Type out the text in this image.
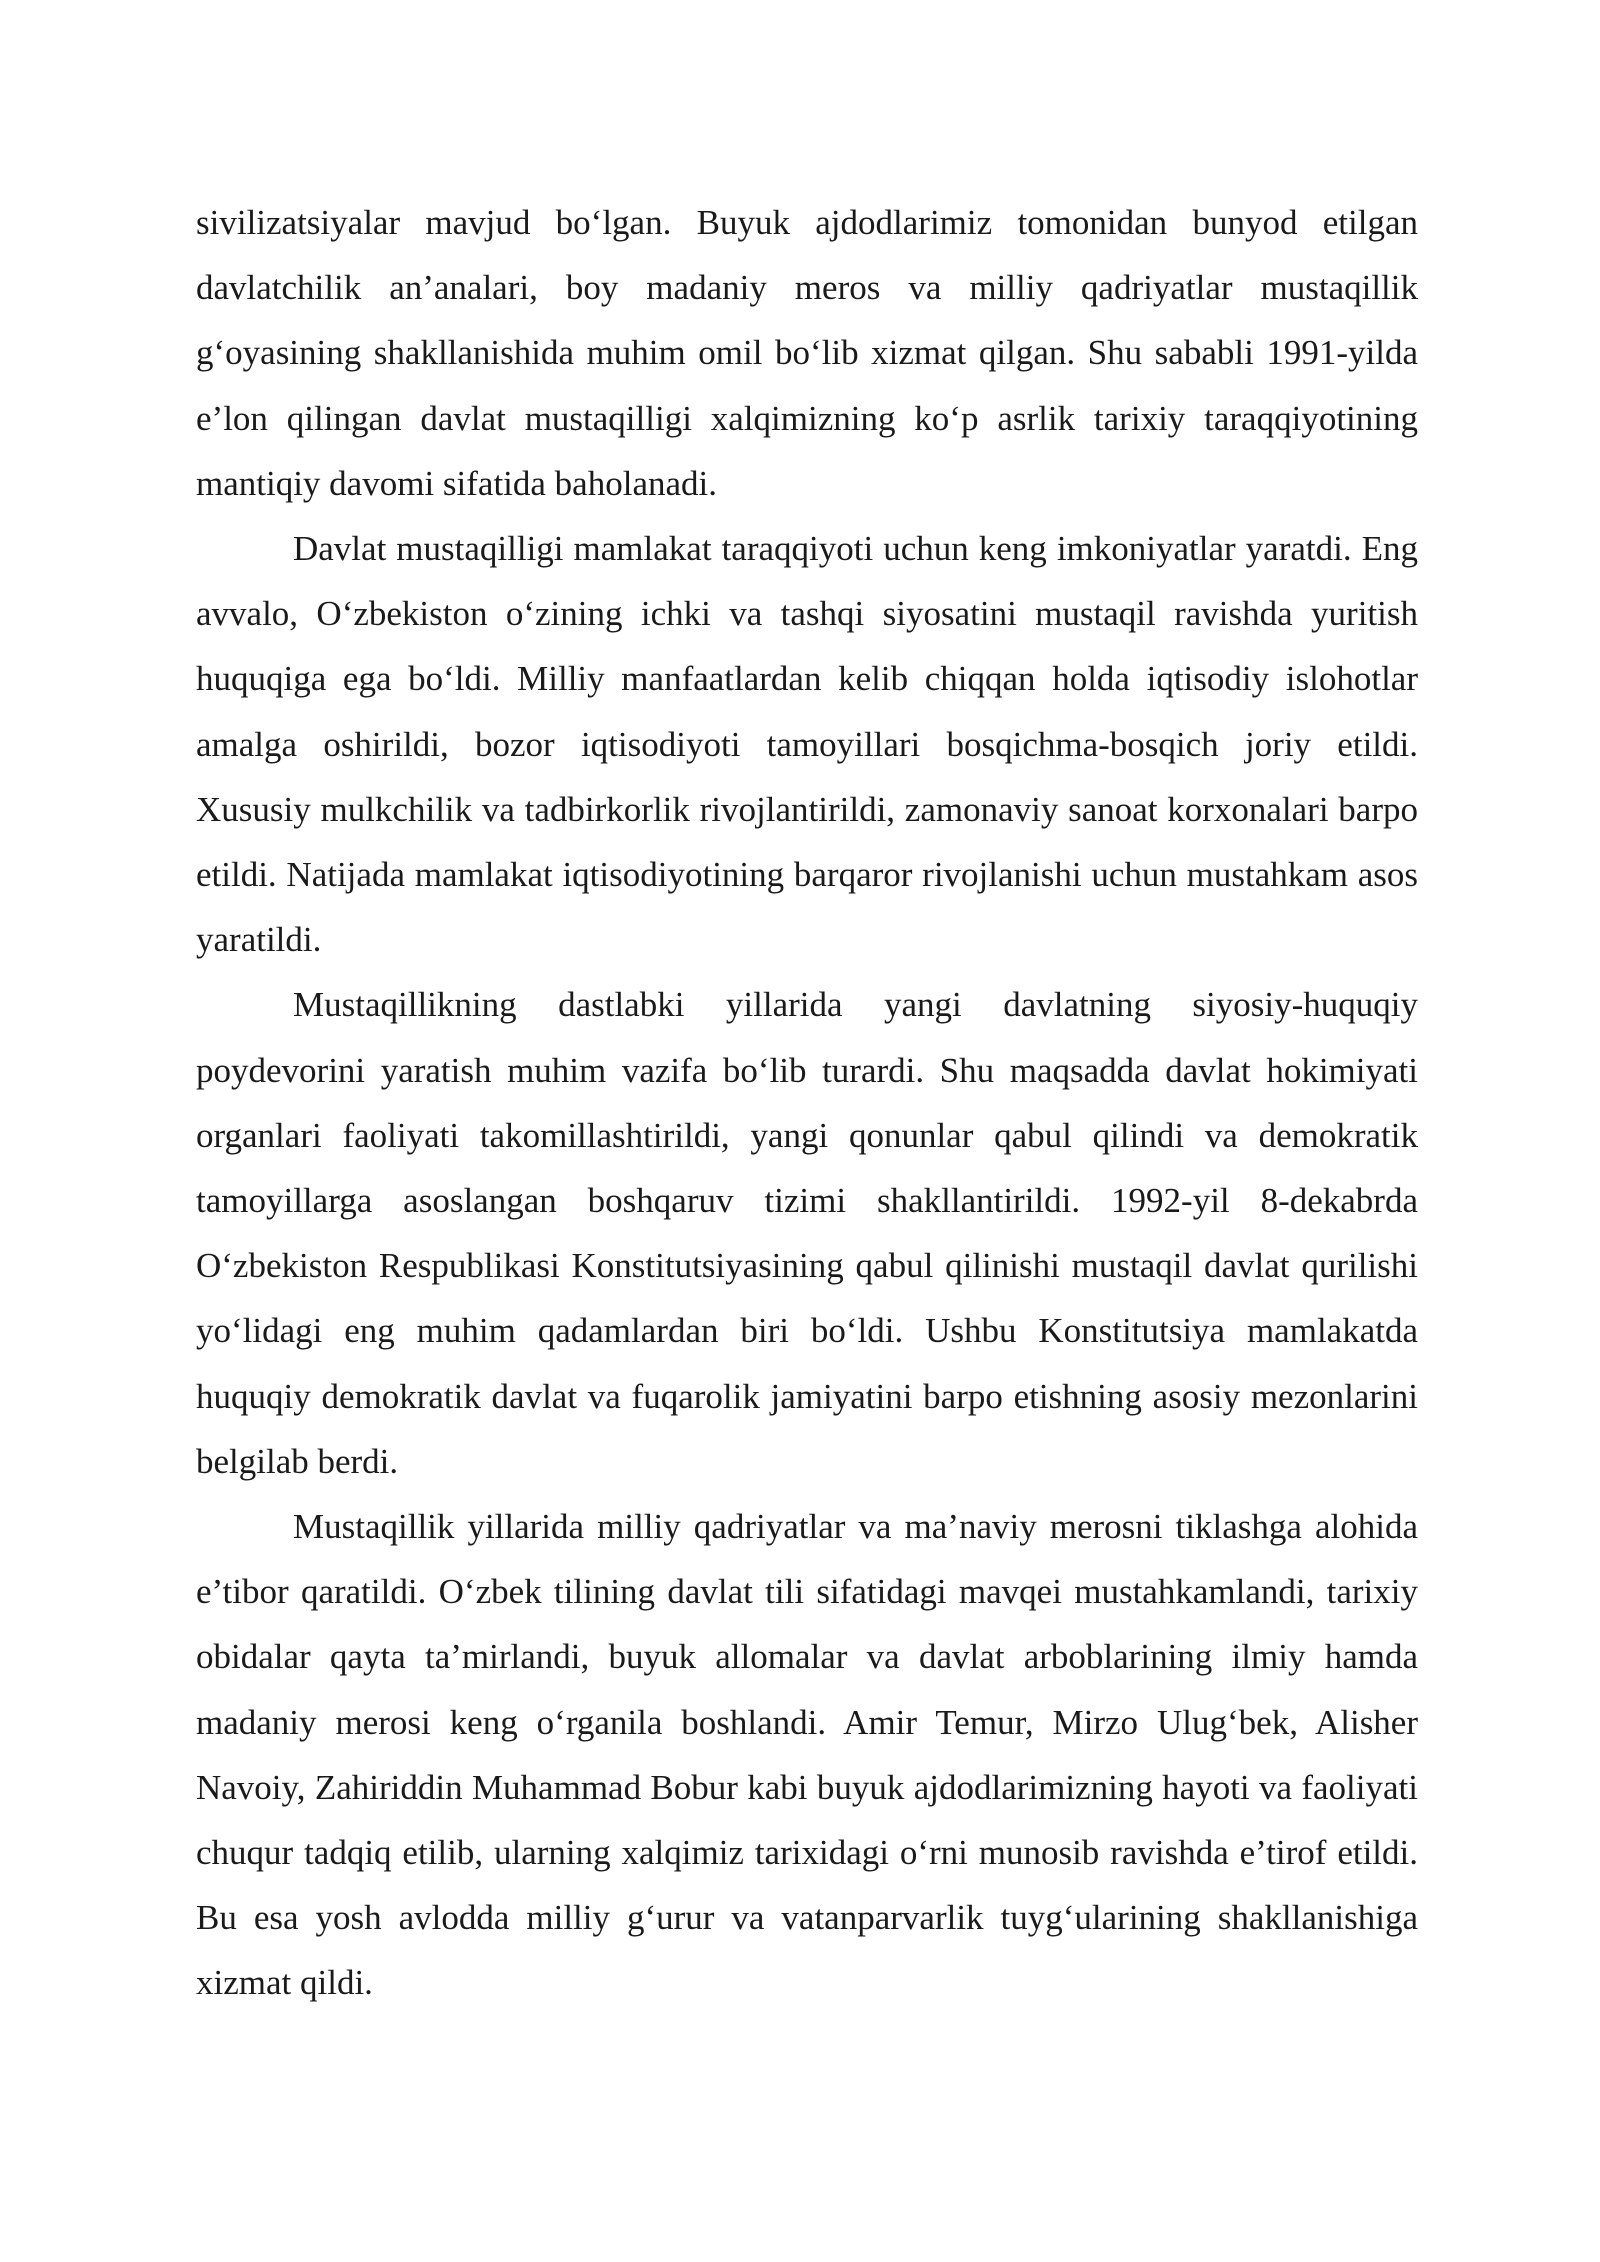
sivilizatsiyalar mavjud bo‘lgan. Buyuk ajdodlarimiz tomonidan bunyod etilgan davlatchilik an’analari, boy madaniy meros va milliy qadriyatlar mustaqillik g‘oyasining shakllanishida muhim omil bo‘lib xizmat qilgan. Shu sababli 1991-yilda e’lon qilingan davlat mustaqilligi xalqimizning ko‘p asrlik tarixiy taraqqiyotining mantiqiy davomi sifatida baholanadi.

Davlat mustaqilligi mamlakat taraqqiyoti uchun keng imkoniyatlar yaratdi. Eng avvalo, O‘zbekiston o‘zining ichki va tashqi siyosatini mustaqil ravishda yuritish huquqiga ega bo‘ldi. Milliy manfaatlardan kelib chiqqan holda iqtisodiy islohotlar amalga oshirildi, bozor iqtisodiyoti tamoyillari bosqichma-bosqich joriy etildi. Xususiy mulkchilik va tadbirkorlik rivojlantirildi, zamonaviy sanoat korxonalari barpo etildi. Natijada mamlakat iqtisodiyotining barqaror rivojlanishi uchun mustahkam asos yaratildi.

Mustaqillikning dastlabki yillarida yangi davlatning siyosiy-huquqiy poydevorini yaratish muhim vazifa bo‘lib turardi. Shu maqsadda davlat hokimiyati organlari faoliyati takomillashtirildi, yangi qonunlar qabul qilindi va demokratik tamoyillarga asoslangan boshqaruv tizimi shakllantirildi. 1992-yil 8-dekabrda O‘zbekiston Respublikasi Konstitutsiyasining qabul qilinishi mustaqil davlat qurilishi yo‘lidagi eng muhim qadamlardan biri bo‘ldi. Ushbu Konstitutsiya mamlakatda huquqiy demokratik davlat va fuqarolik jamiyatini barpo etishning asosiy mezonlarini belgilab berdi.

Mustaqillik yillarida milliy qadriyatlar va ma’naviy merosni tiklashga alohida e’tibor qaratildi. O‘zbek tilining davlat tili sifatidagi mavqei mustahkamlandi, tarixiy obidalar qayta ta’mirlandi, buyuk allomalar va davlat arboblarining ilmiy hamda madaniy merosi keng o‘rganila boshlandi. Amir Temur, Mirzo Ulug‘bek, Alisher Navoiy, Zahiriddin Muhammad Bobur kabi buyuk ajdodlarimizning hayoti va faoliyati chuqur tadqiq etilib, ularning xalqimiz tarixidagi o‘rni munosib ravishda e’tirof etildi. Bu esa yosh avlodda milliy g‘urur va vatanparvarlik tuyg‘ularining shakllanishiga xizmat qildi.
